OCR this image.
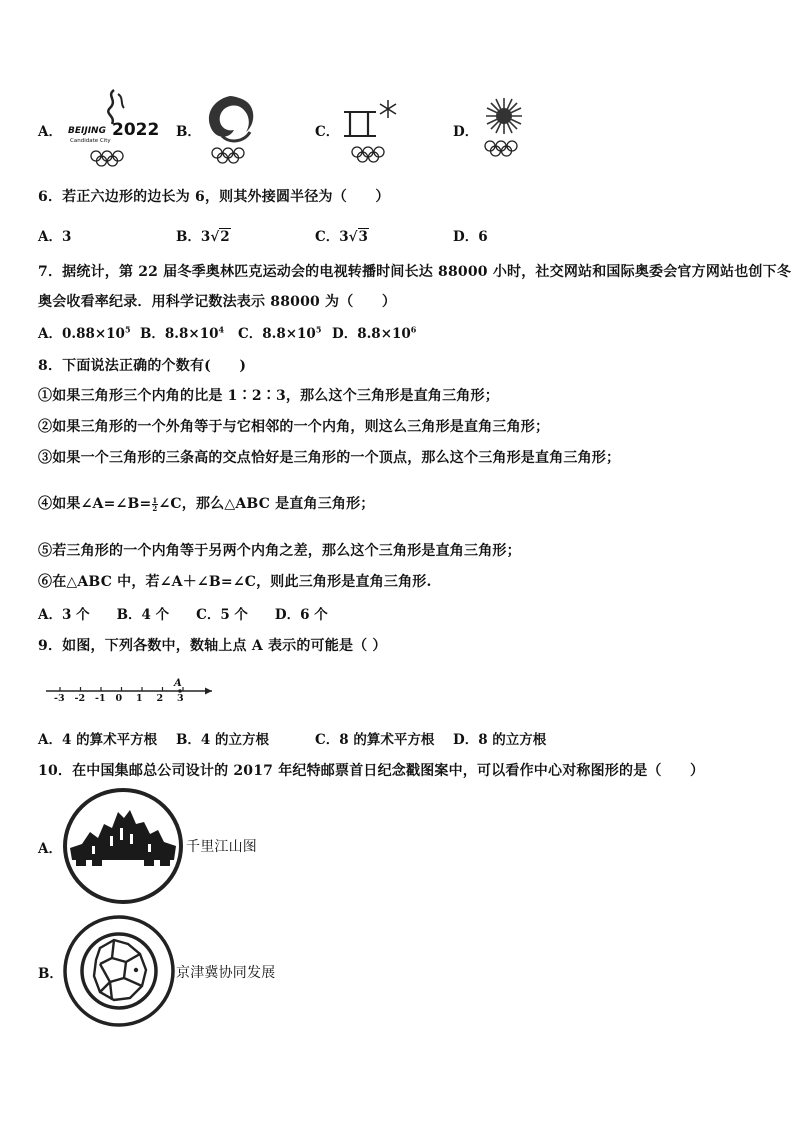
A． BEIJING 2022
Candidate City
B．	C．	D．
6．若正六边形的边长为 6，则其外接圆半径为（　　）
A．3	B．3√2	C．3√3	D．6
7．据统计，第 22 届冬季奥林匹克运动会的电视转播时间长达 88000 小时，社交网站和国际奥委会官方网站也创下冬
奥会收看率纪录．用科学记数法表示 88000 为（　　）
A．$0.88\times 10^5$ B．$8.8\times 10^4$ C．$8.8\times 10^5$ D．$8.8\times 10^6$
8．下面说法正确的个数有(　　)
①如果三角形三个内角的比是 1∶2∶3，那么这个三角形是直角三角形；
②如果三角形的一个外角等于与它相邻的一个内角，则这么三角形是直角三角形；
③如果一个三角形的三条高的交点恰好是三角形的一个顶点，那么这个三角形是直角三角形；
④如果∠A=∠B= $\frac{1}{2}$ ∠C，那么△ABC 是直角三角形；
⑤若三角形的一个内角等于另两个内角之差，那么这个三角形是直角三角形；
⑥在△ABC 中，若∠A＋∠B=∠C，则此三角形是直角三角形.
A．3 个　　B．4 个　　C．5 个　　D．6 个
9．如图，下列各数中，数轴上点 A 表示的可能是（ ）
A
-3 -2 -1 0 1 2 3
A．4 的算术平方根 B．4 的立方根	C．8 的算术平方根 D．8 的立方根
10．在中国集邮总公司设计的 2017 年纪特邮票首日纪念戳图案中，可以看作中心对称图形的是（　　）
A．	千里江山图
B．	京津冀协同发展
